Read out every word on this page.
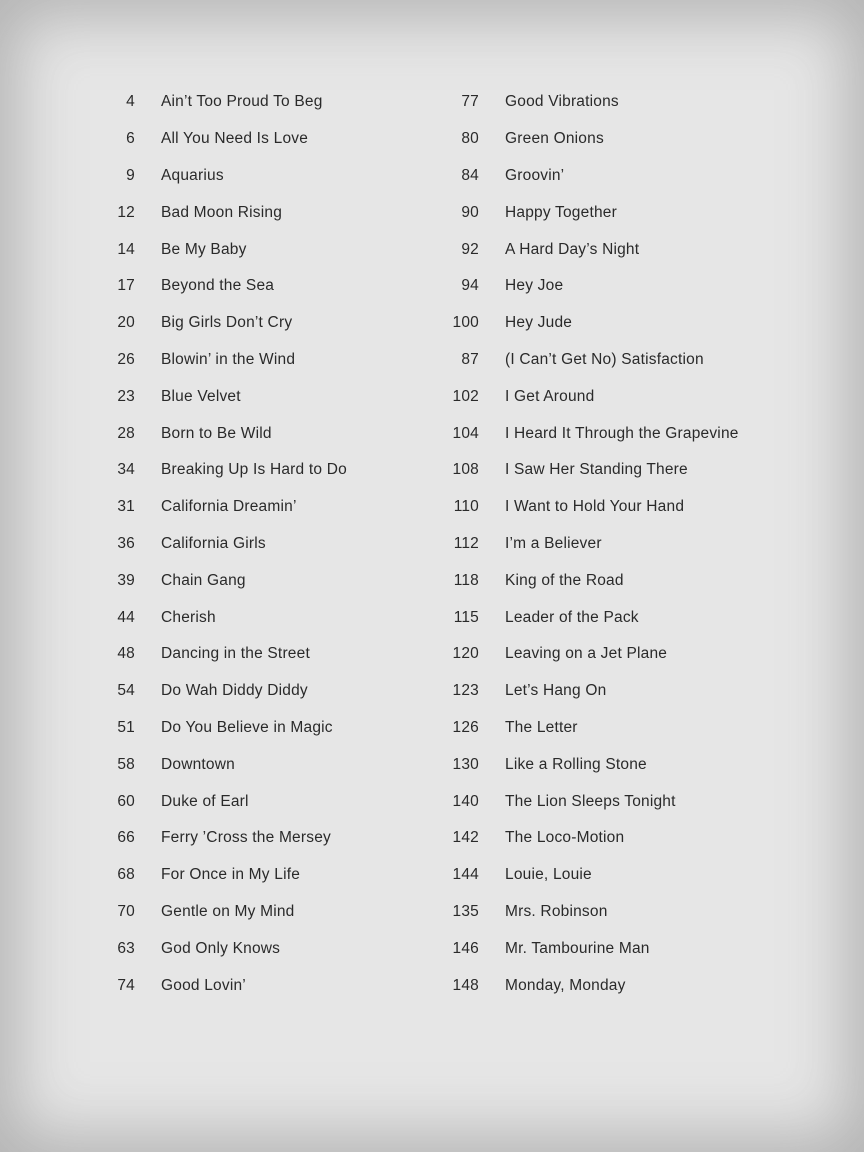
4 Ain’t Too Proud To Beg
6 All You Need Is Love
9 Aquarius
12 Bad Moon Rising
14 Be My Baby
17 Beyond the Sea
20 Big Girls Don’t Cry
26 Blowin’ in the Wind
23 Blue Velvet
28 Born to Be Wild
34 Breaking Up Is Hard to Do
31 California Dreamin’
36 California Girls
39 Chain Gang
44 Cherish
48 Dancing in the Street
54 Do Wah Diddy Diddy
51 Do You Believe in Magic
58 Downtown
60 Duke of Earl
66 Ferry ’Cross the Mersey
68 For Once in My Life
70 Gentle on My Mind
63 God Only Knows
74 Good Lovin’
77 Good Vibrations
80 Green Onions
84 Groovin’
90 Happy Together
92 A Hard Day’s Night
94 Hey Joe
100 Hey Jude
87 (I Can’t Get No) Satisfaction
102 I Get Around
104 I Heard It Through the Grapevine
108 I Saw Her Standing There
110 I Want to Hold Your Hand
112 I’m a Believer
118 King of the Road
115 Leader of the Pack
120 Leaving on a Jet Plane
123 Let’s Hang On
126 The Letter
130 Like a Rolling Stone
140 The Lion Sleeps Tonight
142 The Loco-Motion
144 Louie, Louie
135 Mrs. Robinson
146 Mr. Tambourine Man
148 Monday, Monday
